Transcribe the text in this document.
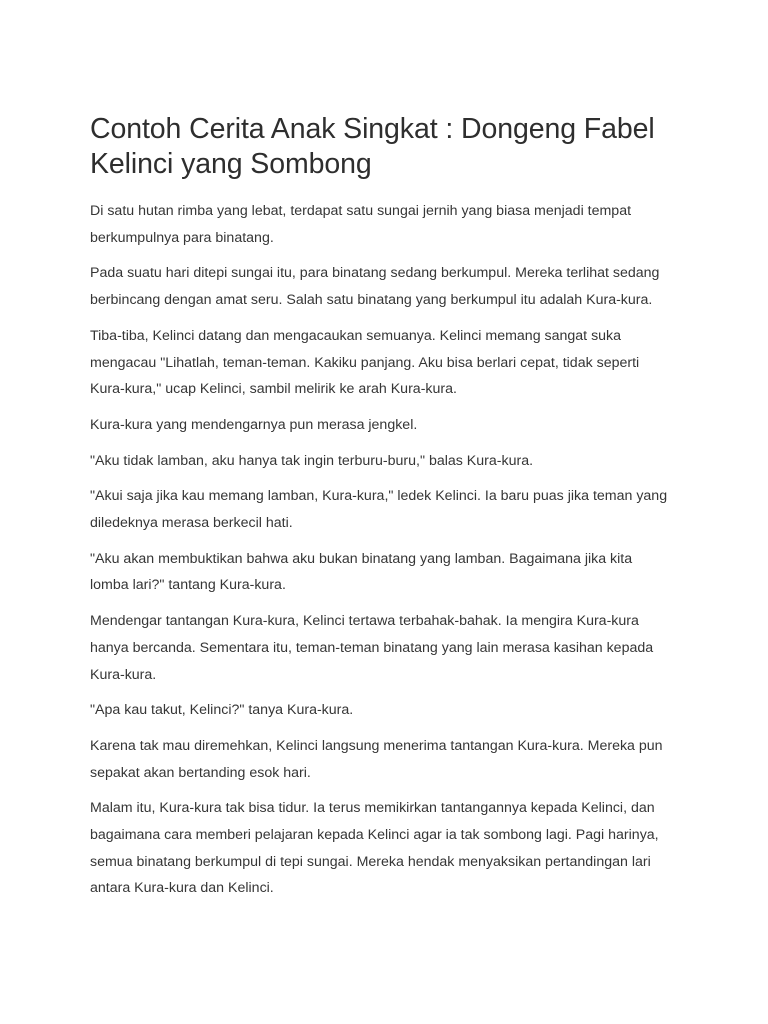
Contoh Cerita Anak Singkat : Dongeng Fabel
Kelinci yang Sombong

Di satu hutan rimba yang lebat, terdapat satu sungai jernih yang biasa menjadi tempat
berkumpulnya para binatang.

Pada suatu hari ditepi sungai itu, para binatang sedang berkumpul. Mereka terlihat sedang
berbincang dengan amat seru. Salah satu binatang yang berkumpul itu adalah Kura-kura.

Tiba-tiba, Kelinci datang dan mengacaukan semuanya. Kelinci memang sangat suka
mengacau "Lihatlah, teman-teman. Kakiku panjang. Aku bisa berlari cepat, tidak seperti
Kura-kura," ucap Kelinci, sambil melirik ke arah Kura-kura.

Kura-kura yang mendengarnya pun merasa jengkel.

"Aku tidak lamban, aku hanya tak ingin terburu-buru," balas Kura-kura.

"Akui saja jika kau memang lamban, Kura-kura," ledek Kelinci. Ia baru puas jika teman yang
diledeknya merasa berkecil hati.

"Aku akan membuktikan bahwa aku bukan binatang yang lamban. Bagaimana jika kita
lomba lari?" tantang Kura-kura.

Mendengar tantangan Kura-kura, Kelinci tertawa terbahak-bahak. Ia mengira Kura-kura
hanya bercanda. Sementara itu, teman-teman binatang yang lain merasa kasihan kepada
Kura-kura.

"Apa kau takut, Kelinci?" tanya Kura-kura.

Karena tak mau diremehkan, Kelinci langsung menerima tantangan Kura-kura. Mereka pun
sepakat akan bertanding esok hari.

Malam itu, Kura-kura tak bisa tidur. Ia terus memikirkan tantangannya kepada Kelinci, dan
bagaimana cara memberi pelajaran kepada Kelinci agar ia tak sombong lagi. Pagi harinya,
semua binatang berkumpul di tepi sungai. Mereka hendak menyaksikan pertandingan lari
antara Kura-kura dan Kelinci.
